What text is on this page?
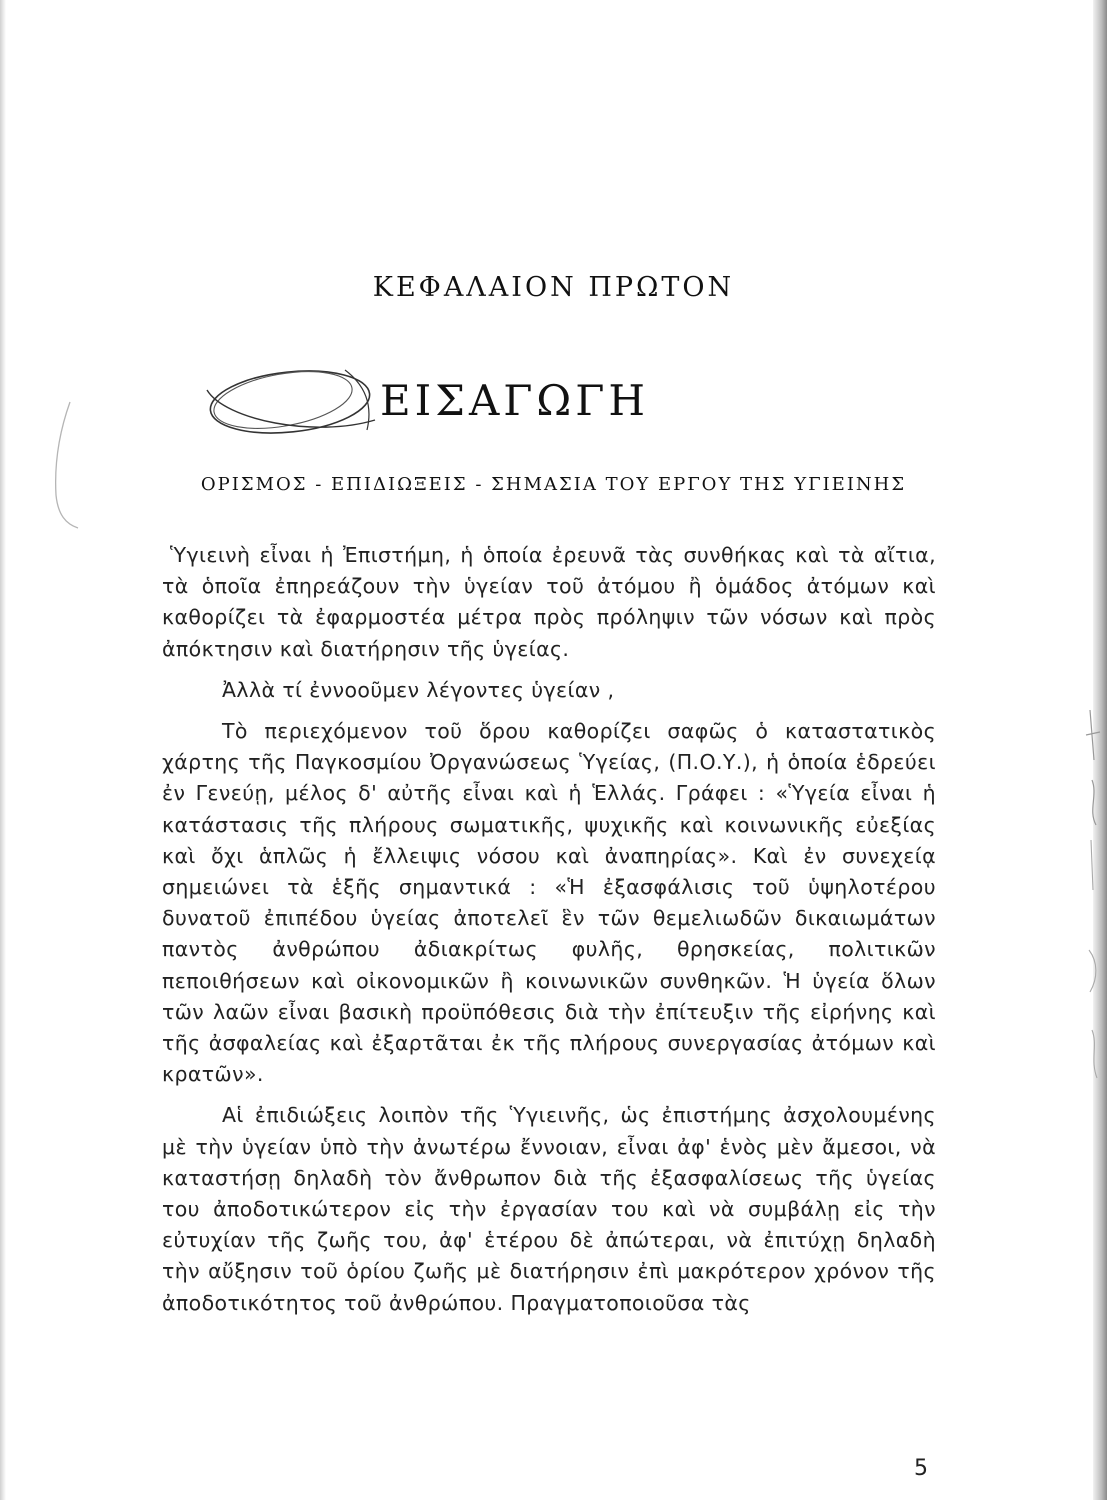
ΚΕΦΑΛΑΙΟΝ ΠΡΩΤΟΝ
ΕΙΣΑΓΩΓΗ
ΟΡΙΣΜΟΣ - ΕΠΙΔΙΩΞΕΙΣ - ΣΗΜΑΣΙΑ ΤΟΥ ΕΡΓΟΥ ΤΗΣ ΥΓΙΕΙΝΗΣ

Ὑγιεινὴ εἶναι ἡ Ἐπιστήμη, ἡ ὁποία ἐρευνᾶ τὰς συνθήκας καὶ τὰ αἴτια, τὰ ὁποῖα ἐπηρεάζουν τὴν ὑγείαν τοῦ ἀτόμου ἢ ὁμάδος ἀτόμων καὶ καθορίζει τὰ ἐφαρμοστέα μέτρα πρὸς πρόληψιν τῶν νόσων καὶ πρὸς ἀπόκτησιν καὶ διατήρησιν τῆς ὑγείας.

Ἀλλὰ τί ἐννοοῦμεν λέγοντες ὑγείαν ,

Τὸ περιεχόμενον τοῦ ὅρου καθορίζει σαφῶς ὁ καταστατικὸς χάρτης τῆς Παγκοσμίου Ὀργανώσεως Ὑγείας, (Π.Ο.Υ.), ἡ ὁποία ἑδρεύει ἐν Γενεύῃ, μέλος δ' αὐτῆς εἶναι καὶ ἡ Ἑλλάς. Γράφει : «Ὑγεία εἶναι ἡ κατάστασις τῆς πλήρους σωματικῆς, ψυχικῆς καὶ κοινωνικῆς εὐεξίας καὶ ὄχι ἁπλῶς ἡ ἔλλειψις νόσου καὶ ἀναπηρίας». Καὶ ἐν συνεχείᾳ σημειώνει τὰ ἑξῆς σημαντικά : «Ἡ ἐξασφάλισις τοῦ ὑψηλοτέρου δυνατοῦ ἐπιπέδου ὑγείας ἀποτελεῖ ἓν τῶν θεμελιωδῶν δικαιωμάτων παντὸς ἀνθρώπου ἀδιακρίτως φυλῆς, θρησκείας, πολιτικῶν πεποιθήσεων καὶ οἰκονομικῶν ἢ κοινωνικῶν συνθηκῶν. Ἡ ὑγεία ὅλων τῶν λαῶν εἶναι βασικὴ προϋπόθεσις διὰ τὴν ἐπίτευξιν τῆς εἰρήνης καὶ τῆς ἀσφαλείας καὶ ἐξαρτᾶται ἐκ τῆς πλήρους συνεργασίας ἀτόμων καὶ κρατῶν».

Αἱ ἐπιδιώξεις λοιπὸν τῆς Ὑγιεινῆς, ὡς ἐπιστήμης ἀσχολουμένης μὲ τὴν ὑγείαν ὑπὸ τὴν ἀνωτέρω ἔννοιαν, εἶναι ἀφ' ἑνὸς μὲν ἄμεσοι, νὰ καταστήσῃ δηλαδὴ τὸν ἄνθρωπον διὰ τῆς ἐξασφαλίσεως τῆς ὑγείας του ἀποδοτικώτερον εἰς τὴν ἐργασίαν του καὶ νὰ συμβάλῃ εἰς τὴν εὐτυχίαν τῆς ζωῆς του, ἀφ' ἑτέρου δὲ ἀπώτεραι, νὰ ἐπιτύχῃ δηλαδὴ τὴν αὔξησιν τοῦ ὁρίου ζωῆς μὲ διατήρησιν ἐπὶ μακρότερον χρόνον τῆς ἀποδοτικότητος τοῦ ἀνθρώπου. Πραγματοποιοῦσα τὰς

5
